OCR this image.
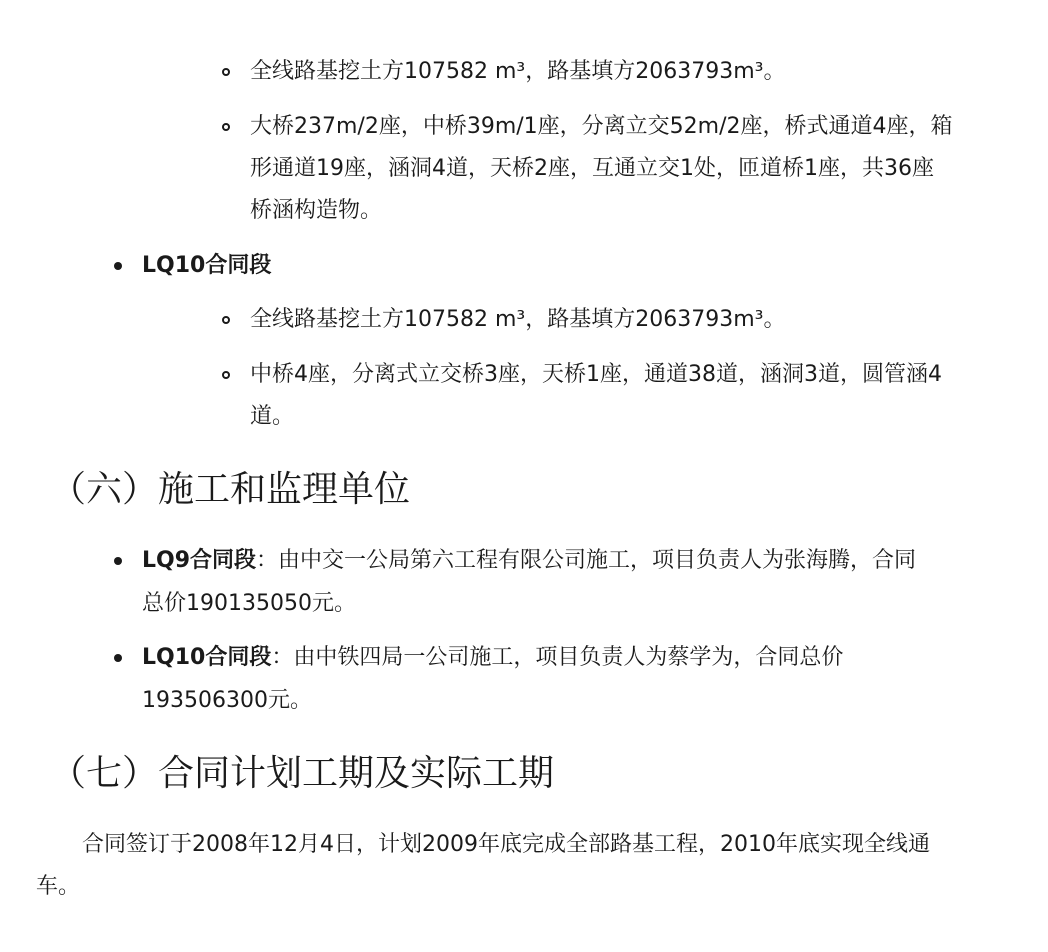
全线路基挖土方107582 m³，路基填方2063793m³。
大桥237m/2座，中桥39m/1座，分离立交52m/2座，桥式通道4座，箱
形通道19座，涵洞4道，天桥2座，互通立交1处，匝道桥1座，共36座
桥涵构造物。
LQ10合同段
全线路基挖土方107582 m³，路基填方2063793m³。
中桥4座，分离式立交桥3座，天桥1座，通道38道，涵洞3道，圆管涵4
道。
（六）施工和监理单位
LQ9合同段：由中交一公局第六工程有限公司施工，项目负责人为张海腾，合同
总价190135050元。
LQ10合同段：由中铁四局一公司施工，项目负责人为蔡学为，合同总价
193506300元。
（七）合同计划工期及实际工期
合同签订于2008年12月4日，计划2009年底完成全部路基工程，2010年底实现全线通
车。
